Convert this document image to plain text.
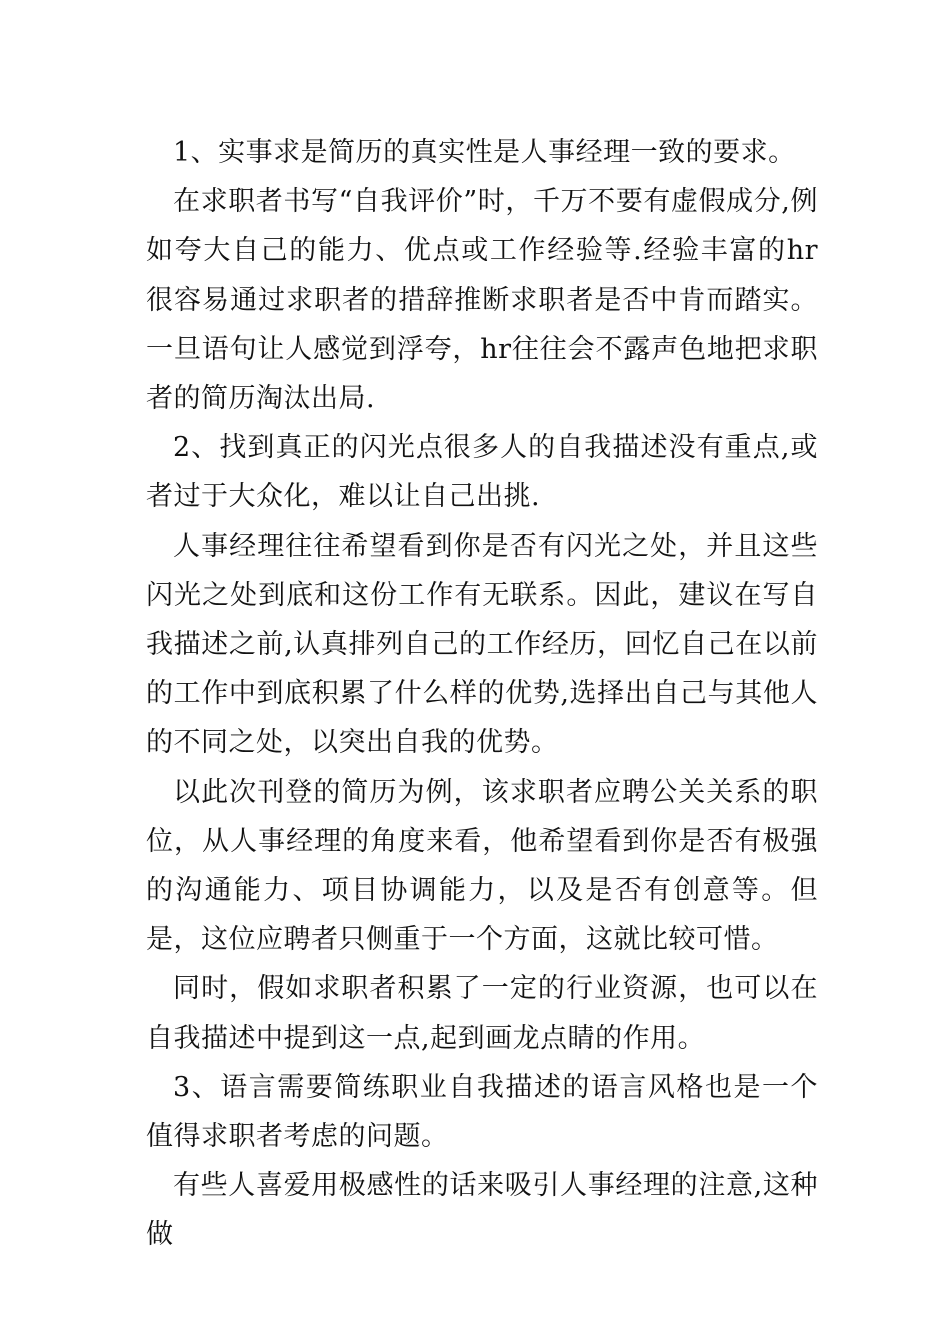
1、实事求是简历的真实性是人事经理一致的要求。

在求职者书写“自我评价”时，千万不要有虚假成分,例如夸大自己的能力、优点或工作经验等.经验丰富的hr很容易通过求职者的措辞推断求职者是否中肯而踏实。一旦语句让人感觉到浮夸，hr往往会不露声色地把求职者的简历淘汰出局.

2、找到真正的闪光点很多人的自我描述没有重点,或者过于大众化，难以让自己出挑.

人事经理往往希望看到你是否有闪光之处，并且这些闪光之处到底和这份工作有无联系。因此，建议在写自我描述之前,认真排列自己的工作经历，回忆自己在以前的工作中到底积累了什么样的优势,选择出自己与其他人的不同之处，以突出自我的优势。

以此次刊登的简历为例，该求职者应聘公关关系的职位，从人事经理的角度来看，他希望看到你是否有极强的沟通能力、项目协调能力，以及是否有创意等。但是，这位应聘者只侧重于一个方面，这就比较可惜。

同时，假如求职者积累了一定的行业资源，也可以在自我描述中提到这一点,起到画龙点睛的作用。

3、语言需要简练职业自我描述的语言风格也是一个值得求职者考虑的问题。

有些人喜爱用极感性的话来吸引人事经理的注意,这种做
